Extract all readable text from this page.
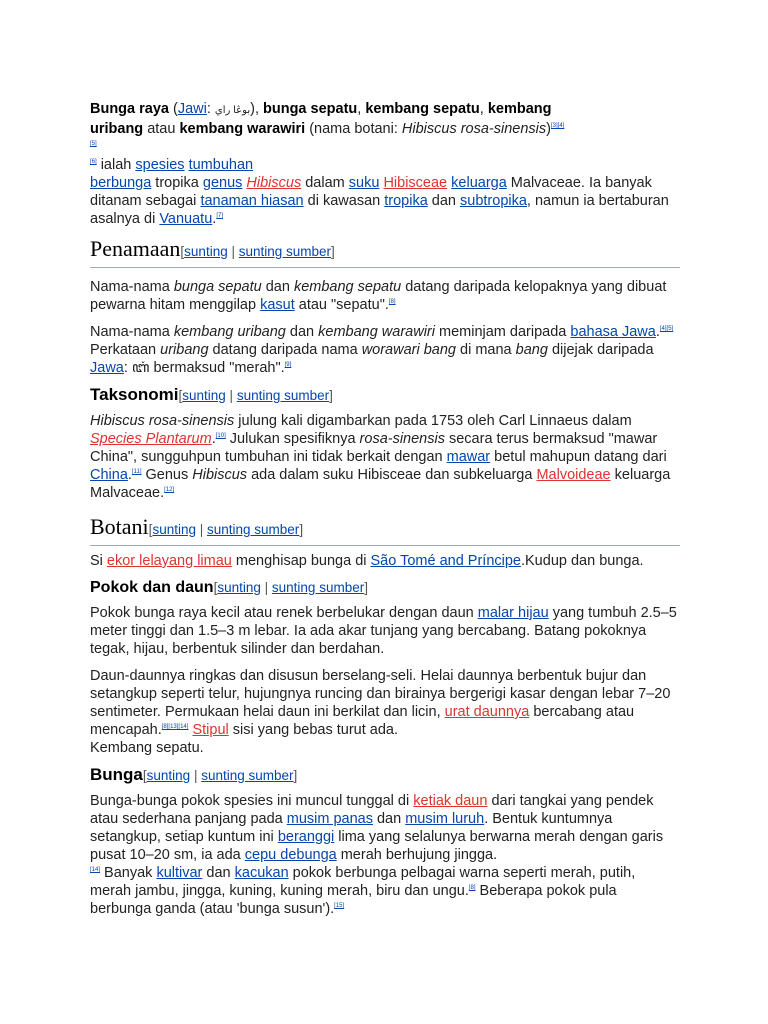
Bunga raya (Jawi: بوڠا راي), bunga sepatu, kembang sepatu, kembang uribang atau kembang warawiri (nama botani: Hibiscus rosa-sinensis)[3][4][5]

[6] ialah spesies tumbuhan
berbunga tropika genus Hibiscus dalam suku Hibisceae keluarga Malvaceae. Ia banyak ditanam sebagai tanaman hiasan di kawasan tropika dan subtropika, namun ia bertaburan asalnya di Vanuatu.[7]

Penamaan[sunting | sunting sumber]

Nama-nama bunga sepatu dan kembang sepatu datang daripada kelopaknya yang dibuat pewarna hitam menggilap kasut atau "sepatu".[8]

Nama-nama kembang uribang dan kembang warawiri meminjam daripada bahasa Jawa.[4][5] Perkataan uribang datang daripada nama worawari bang di mana bang dijejak daripada Jawa: ꦧꦁ bermaksud "merah".[9]

Taksonomi[sunting | sunting sumber]

Hibiscus rosa-sinensis julung kali digambarkan pada 1753 oleh Carl Linnaeus dalam Species Plantarum.[10] Julukan spesifiknya rosa-sinensis secara terus bermaksud "mawar China", sungguhpun tumbuhan ini tidak berkait dengan mawar betul mahupun datang dari China.[11] Genus Hibiscus ada dalam suku Hibisceae dan subkeluarga Malvoideae keluarga Malvaceae.[12]

Botani[sunting | sunting sumber]

Si ekor lelayang limau menghisap bunga di São Tomé and Príncipe.Kudup dan bunga.

Pokok dan daun[sunting | sunting sumber]

Pokok bunga raya kecil atau renek berbelukar dengan daun malar hijau yang tumbuh 2.5–5 meter tinggi dan 1.5–3 m lebar. Ia ada akar tunjang yang bercabang. Batang pokoknya tegak, hijau, berbentuk silinder dan berdahan.

Daun-daunnya ringkas dan disusun berselang-seli. Helai daunnya berbentuk bujur dan setangkup seperti telur, hujungnya runcing dan birainya bergerigi kasar dengan lebar 7–20 sentimeter. Permukaan helai daun ini berkilat dan licin, urat daunnya bercabang atau mencapah.[8][13][14] Stipul sisi yang bebas turut ada.
Kembang sepatu.

Bunga[sunting | sunting sumber]

Bunga-bunga pokok spesies ini muncul tunggal di ketiak daun dari tangkai yang pendek atau sederhana panjang pada musim panas dan musim luruh. Bentuk kuntumnya setangkup, setiap kuntum ini beranggi lima yang selalunya berwarna merah dengan garis pusat 10–20 sm, ia ada cepu debunga merah berhujung jingga.
[14] Banyak kultivar dan kacukan pokok berbunga pelbagai warna seperti merah, putih, merah jambu, jingga, kuning, kuning merah, biru dan ungu.[8] Beberapa pokok pula berbunga ganda (atau 'bunga susun').[15]
